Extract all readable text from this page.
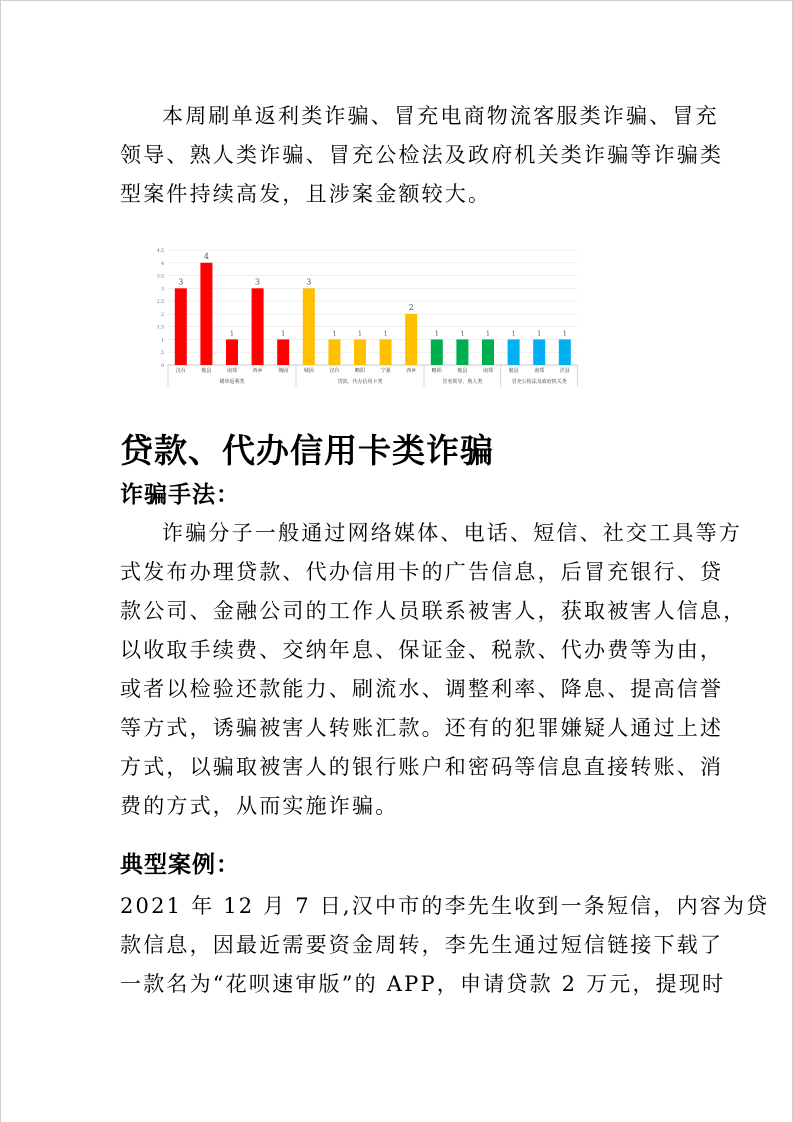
本周刷单返利类诈骗、冒充电商物流客服类诈骗、冒充
领导、熟人类诈骗、冒充公检法及政府机关类诈骗等诈骗类
型案件持续高发，且涉案金额较大。
0
.5
1
1.5
2
2.5
3
3.5
4
4.5
3
汉台
4
勉县
1
南郑
3
西乡
1
城固
3
城固
1
汉台
1
略阳
1
宁强
2
西乡
1
略阳
1
勉县
1
南郑
1
勉县
1
南郑
1
洋县
刷单返利类	贷款、代办信用卡类	冒充领导、熟人类	冒充公检法及政府机关类
贷款、代办信用卡类诈骗
诈骗手法：
诈骗分子一般通过网络媒体、电话、短信、社交工具等方
式发布办理贷款、代办信用卡的广告信息，后冒充银行、贷
款公司、金融公司的工作人员联系被害人，获取被害人信息，
以收取手续费、交纳年息、保证金、税款、代办费等为由，
或者以检验还款能力、刷流水、调整利率、降息、提高信誉
等方式，诱骗被害人转账汇款。还有的犯罪嫌疑人通过上述
方式，以骗取被害人的银行账户和密码等信息直接转账、消
费的方式，从而实施诈骗。
典型案例：
2021 年 12 月 7 日,汉中市的李先生收到一条短信，内容为贷
款信息，因最近需要资金周转，李先生通过短信链接下载了
一款名为“花呗速审版”的 APP，申请贷款 2 万元，提现时
